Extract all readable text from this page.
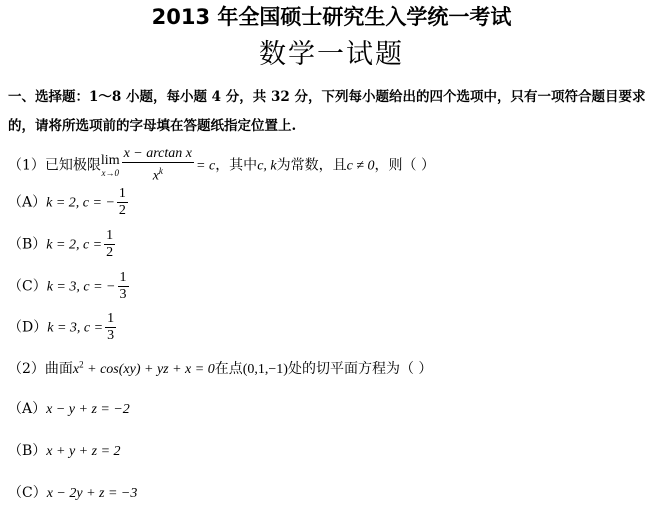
2013 年全国硕士研究生入学统一考试
数学一试题
一、选择题：1～8 小题，每小题 4 分，共 32 分，下列每小题给出的四个选项中，只有一项符合题目要求的，请将所选项前的字母填在答题纸指定位置上.
（1）已知极限lim
$x\to 0 \frac{\text{x − arctan x}}{x^k} = c$，其中c, k为常数，且c ≠ 0，则（ ）
（A）k = 2, c = − $\frac{1}{2}$
（B）k = 2, $c = \frac{1}{2}$
（C）k = 3, c = − $\frac{1}{3}$
（D）k = 3, $c = \frac{1}{3}$
（2）曲面$x^2 + \cos(xy)$ + yz + x = 0在点(0,1,−1)处的切平面方程为（ ）
（A）x − y + z = −2
（B）x + y + z = 2
（C）x − 2y + z = −3
